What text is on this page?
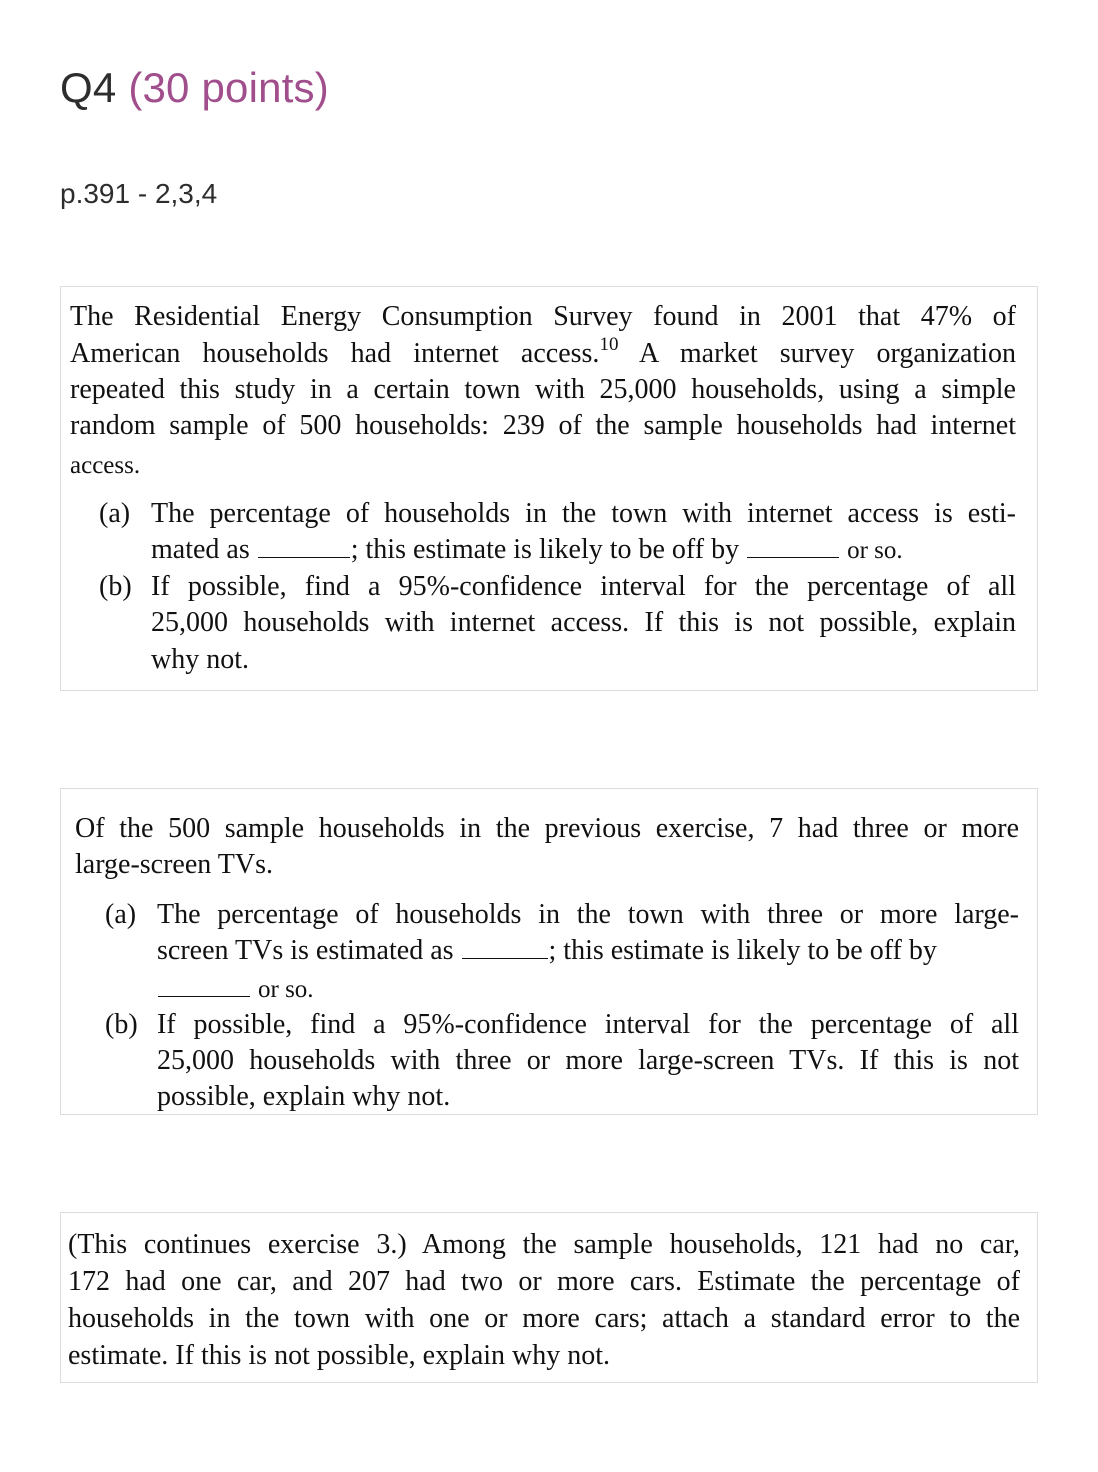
Q4 (30 points)
p.391 - 2,3,4
The Residential Energy Consumption Survey found in 2001 that 47% of
American households had internet access.$^{10}$ A market survey organization
repeated this study in a certain town with 25,000 households, using a simple
random sample of 500 households: 239 of the sample households had internet
access.
(a) The percentage of households in the town with internet access is esti-
mated as	; this estimate is likely to be off by	or so.
(b) If possible, find a 95%-confidence interval for the percentage of all
25,000 households with internet access. If this is not possible, explain
why not.
Of the 500 sample households in the previous exercise, 7 had three or more
large-screen TVs.
(a) The percentage of households in the town with three or more large-
screen TVs is estimated as	; this estimate is likely to be off by
or so.
(b) If possible, find a 95%-confidence interval for the percentage of all
25,000 households with three or more large-screen TVs. If this is not
possible, explain why not.
(This continues exercise 3.) Among the sample households, 121 had no car,
172 had one car, and 207 had two or more cars. Estimate the percentage of
households in the town with one or more cars; attach a standard error to the
estimate. If this is not possible, explain why not.
